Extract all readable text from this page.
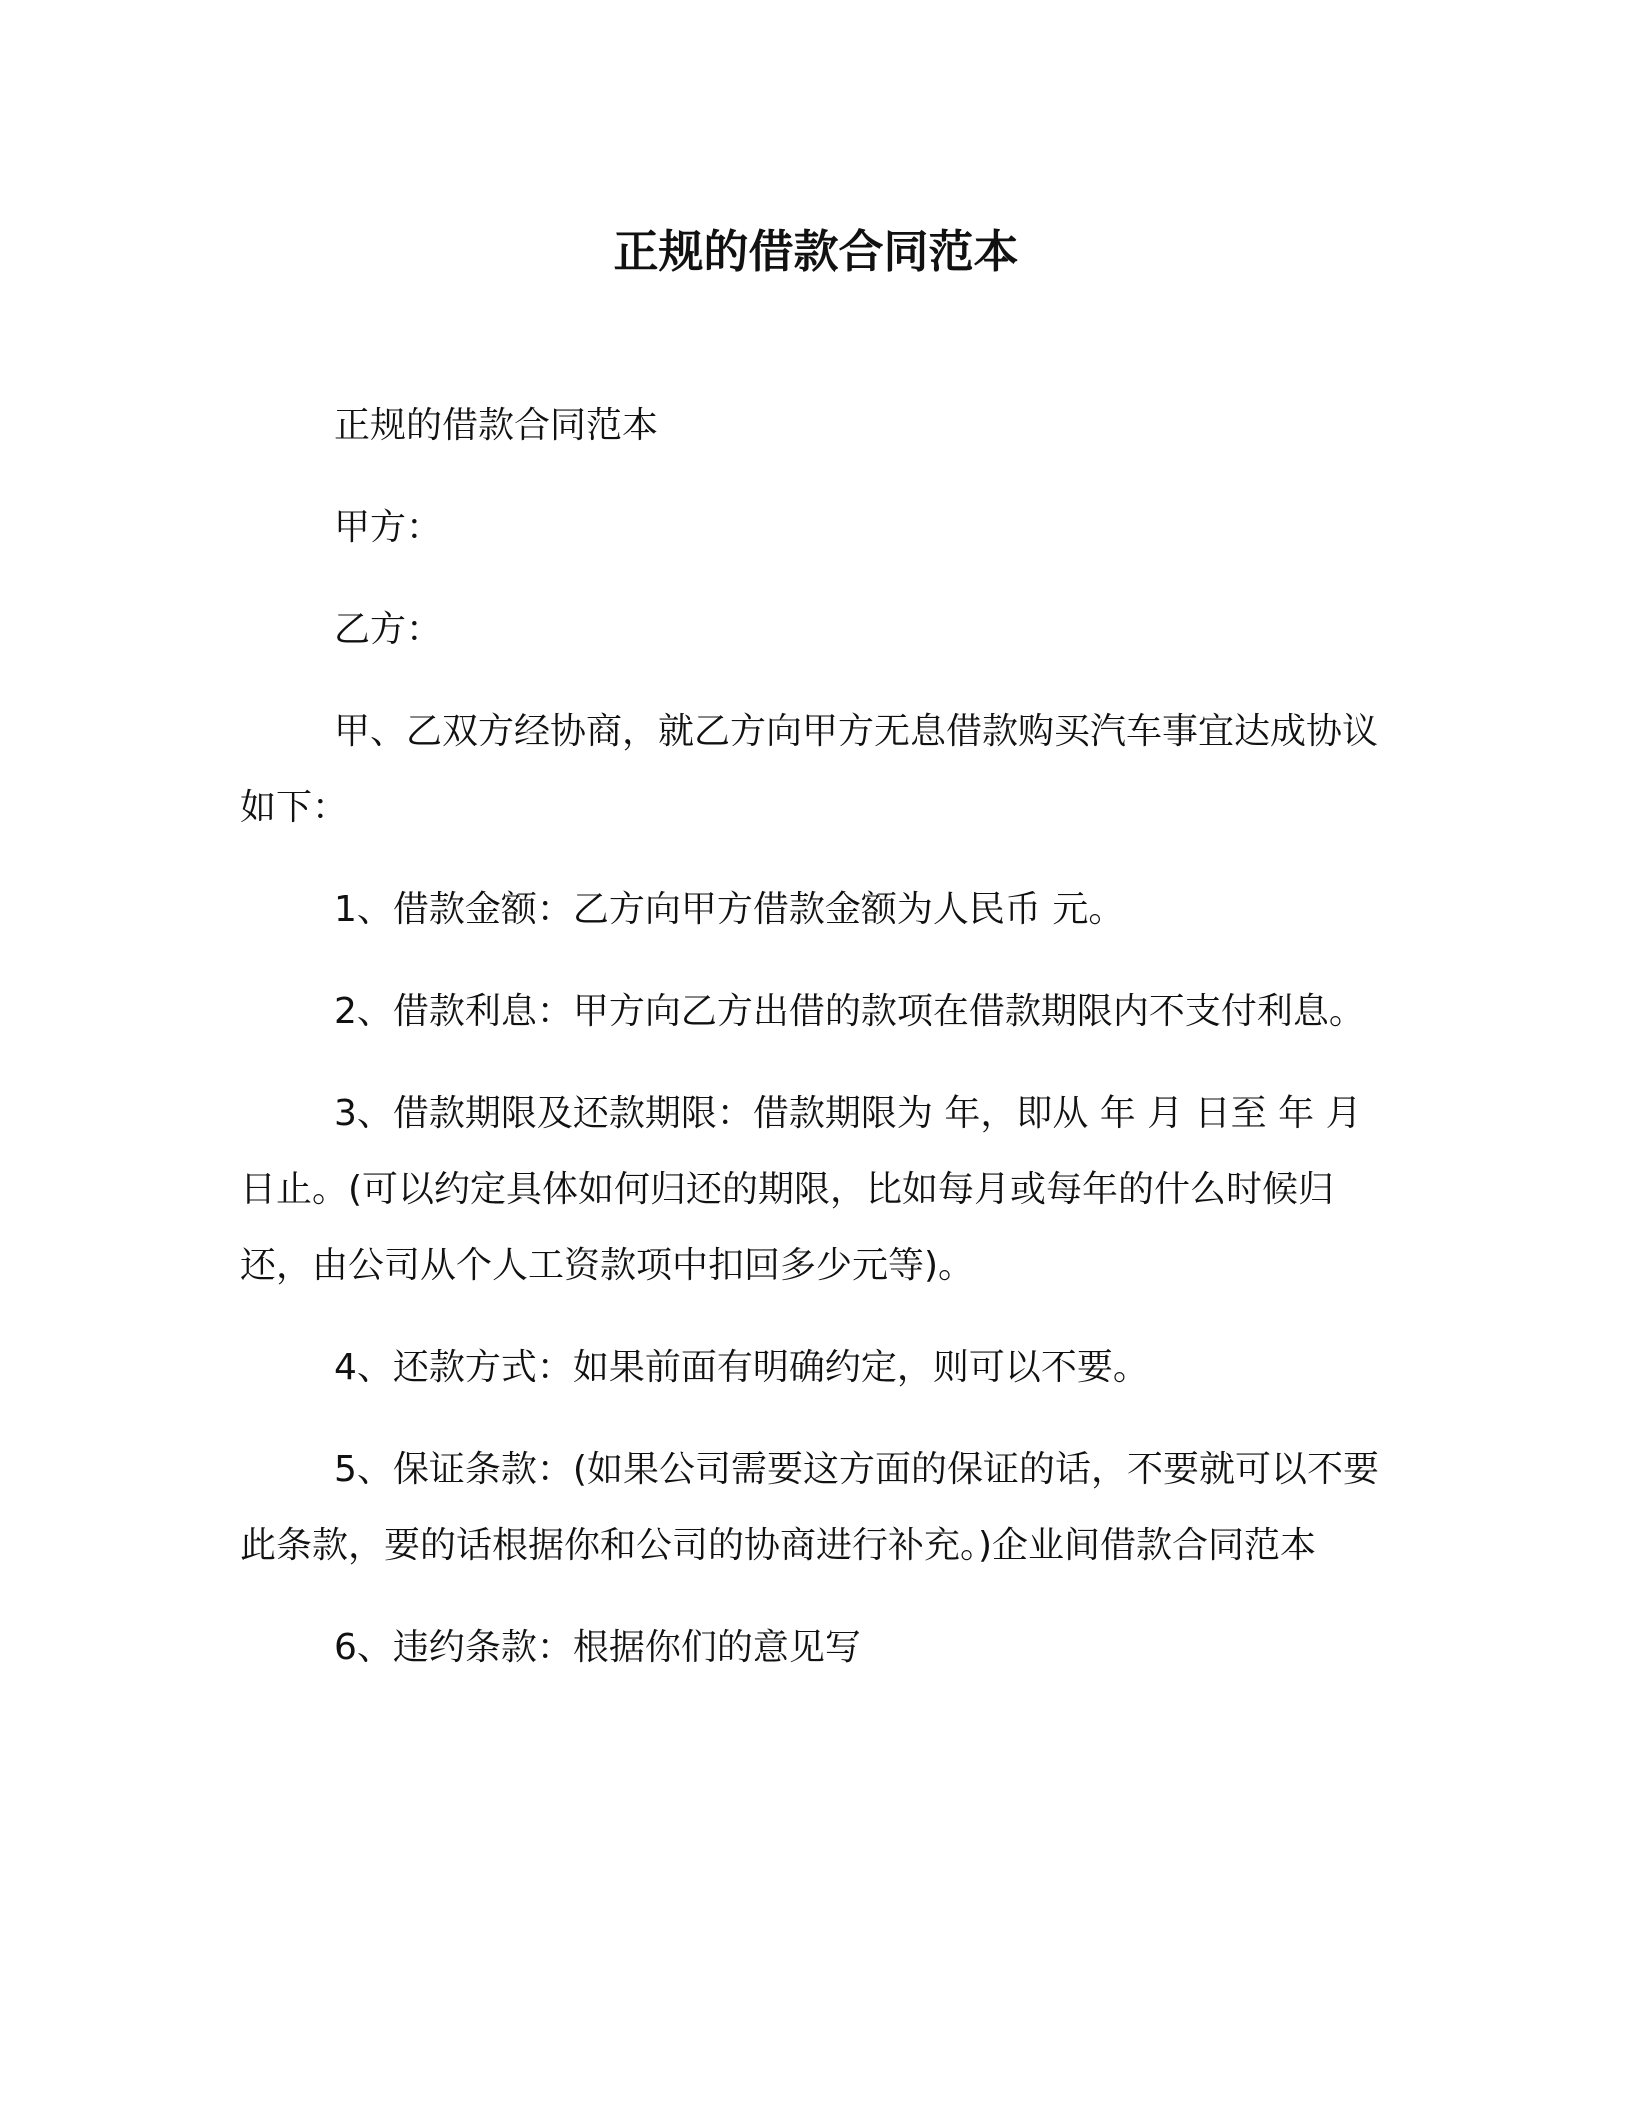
正规的借款合同范本

正规的借款合同范本

甲方：

乙方：

甲、乙双方经协商，就乙方向甲方无息借款购买汽车事宜达成协议如下：

1、借款金额：乙方向甲方借款金额为人民币 元。

2、借款利息：甲方向乙方出借的款项在借款期限内不支付利息。

3、借款期限及还款期限：借款期限为 年，即从 年 月 日至 年 月日止。(可以约定具体如何归还的期限，比如每月或每年的什么时候归还，由公司从个人工资款项中扣回多少元等)。

4、还款方式：如果前面有明确约定，则可以不要。

5、保证条款：(如果公司需要这方面的保证的话，不要就可以不要此条款，要的话根据你和公司的协商进行补充。)企业间借款合同范本

6、违约条款：根据你们的意见写
